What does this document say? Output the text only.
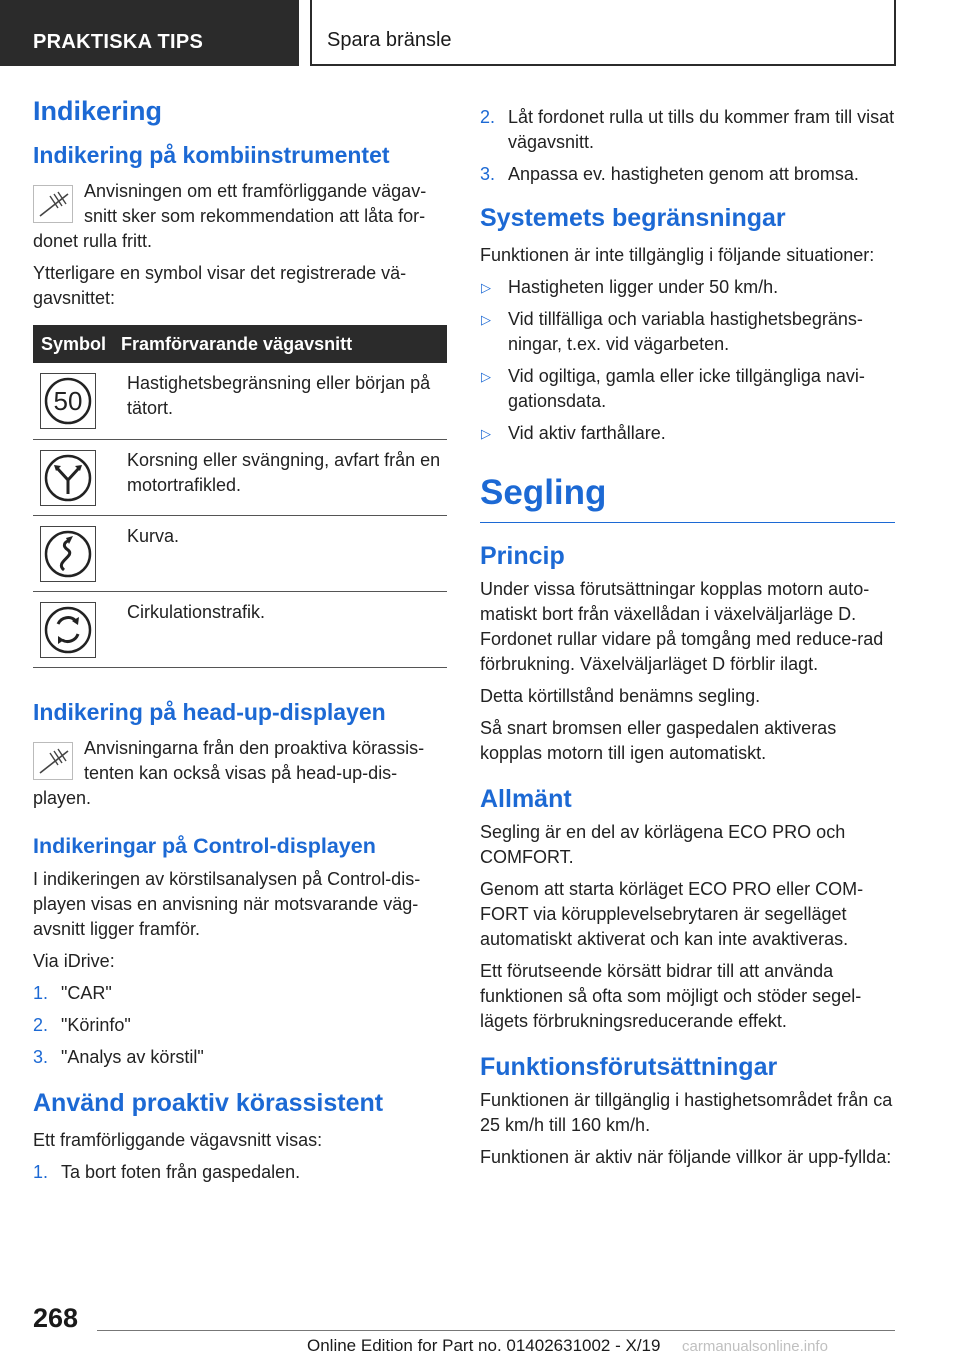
PRAKTISKA TIPS	Spara bränsle
Indikering
Indikering på kombiinstrumentet
Anvisningen om ett framförliggande vägav-snitt sker som rekommendation att låta for-
donet rulla fritt.

Ytterligare en symbol visar det registrerade vä-gavsnittet:

Symbol	Framförvarande vägavsnitt

50	Hastighetsbegränsning eller början på tätort.

	Korsning eller svängning, avfart från en motortrafikled.

	Kurva.

	Cirkulationstrafik.
Indikering på head-up-displayen
Anvisningarna från den proaktiva körassis-tenten kan också visas på head-up-dis-
playen.
Indikeringar på Control-displayen

I indikeringen av körstilsanalysen på Control-dis-playen visas en anvisning när motsvarande väg-avsnitt ligger framför.

Via iDrive:

1. "CAR"
2. "Körinfo"
3. "Analys av körstil"
Använd proaktiv körassistent

Ett framförliggande vägavsnitt visas:

1. Ta bort foten från gaspedalen.
2. Låt fordonet rulla ut tills du kommer fram till visat vägavsnitt.
3. Anpassa ev. hastigheten genom att bromsa.
Systemets begränsningar

Funktionen är inte tillgänglig i följande situationer:

▷ Hastigheten ligger under 50 km/h.
▷ Vid tillfälliga och variabla hastighetsbegräns-ningar, t.ex. vid vägarbeten.
▷ Vid ogiltiga, gamla eller icke tillgängliga navi-gationsdata.
▷ Vid aktiv farthållare.
Segling
Princip

Under vissa förutsättningar kopplas motorn auto-matiskt bort från växellådan i växelväljarläge D. Fordonet rullar vidare på tomgång med reduce-rad förbrukning. Växelväljarläget D förblir ilagt.

Detta körtillstånd benämns segling.

Så snart bromsen eller gaspedalen aktiveras kopplas motorn till igen automatiskt.

Allmänt

Segling är en del av körlägena ECO PRO och COMFORT.

Genom att starta körläget ECO PRO eller COM-FORT via körupplevelsebrytaren är segelläget automatiskt aktiverat och kan inte avaktiveras.

Ett förutseende körsätt bidrar till att använda funktionen så ofta som möjligt och stöder segel-lägets förbrukningsreducerande effekt.

Funktionsförutsättningar

Funktionen är tillgänglig i hastighetsområdet från ca 25 km/h till 160 km/h.

Funktionen är aktiv när följande villkor är upp-fyllda:

268
Online Edition for Part no. 01402631002 - X/19 carmanualsonline.info
